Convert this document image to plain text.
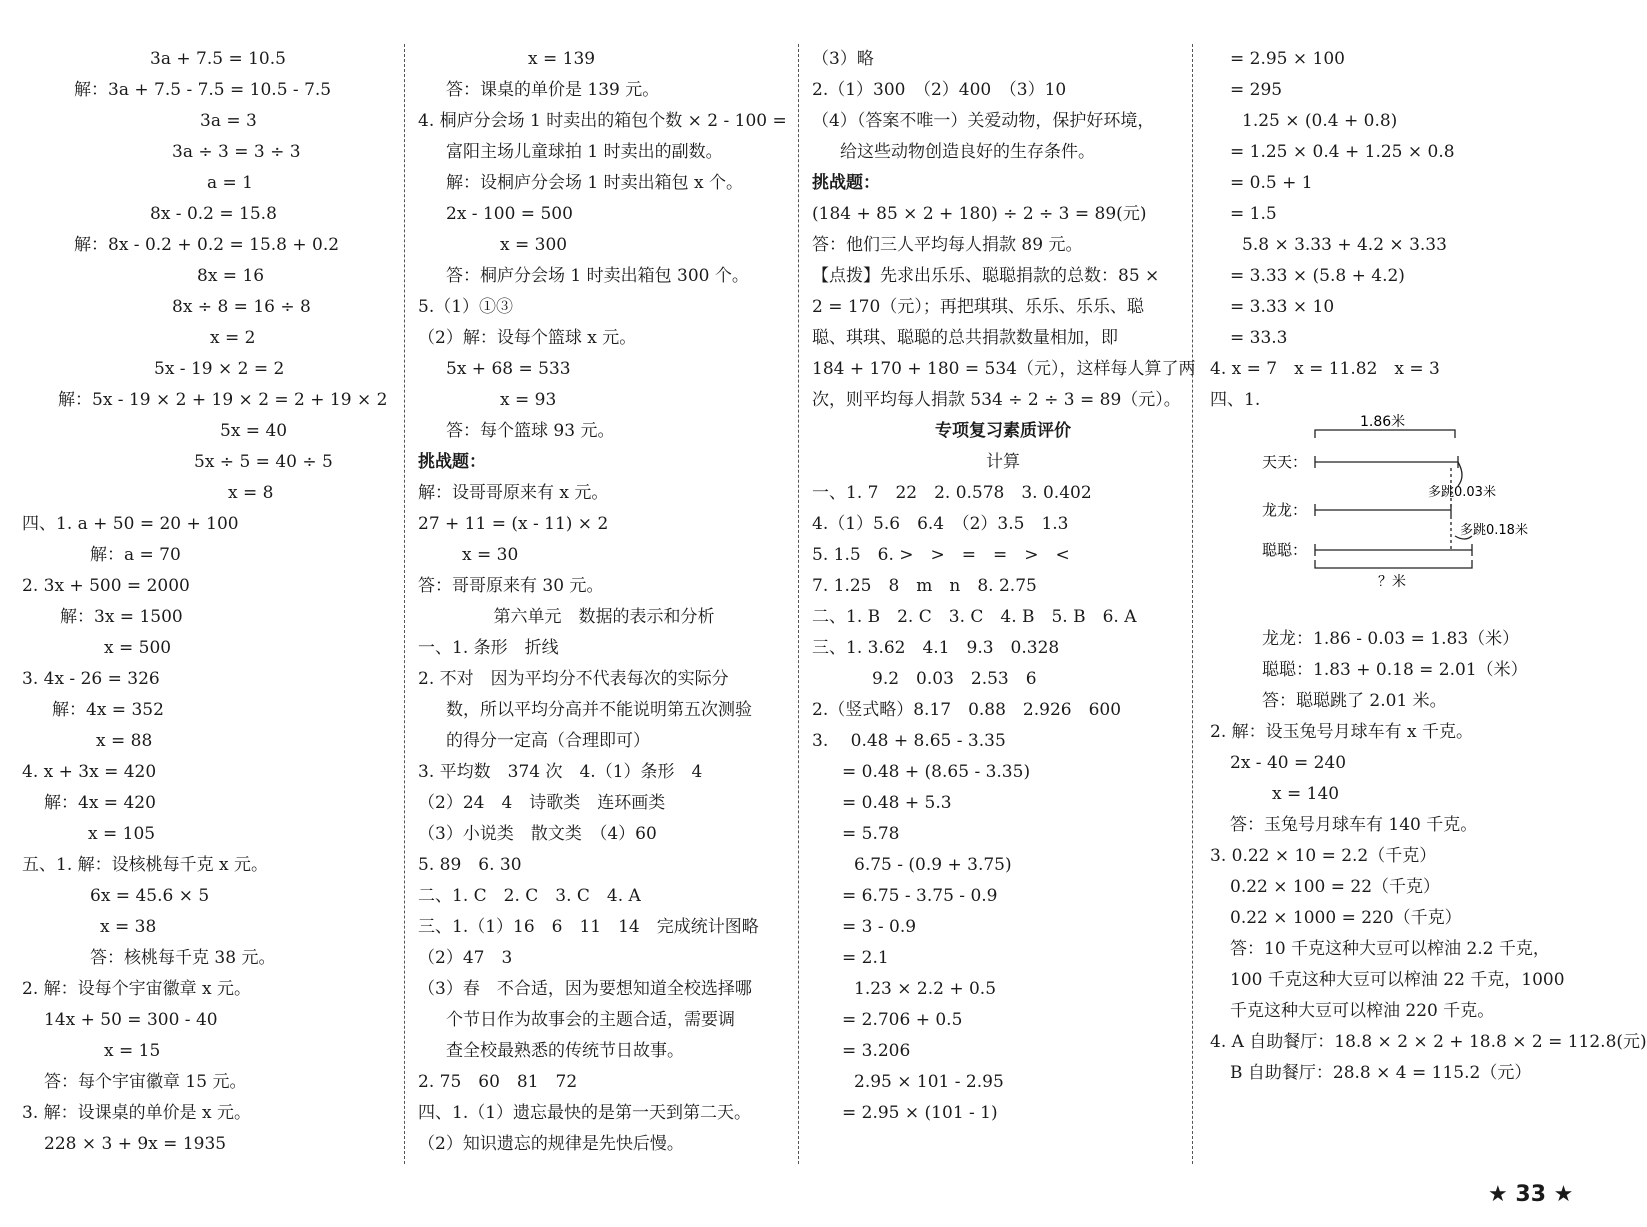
3a + 7.5 = 10.5
解：3a + 7.5 - 7.5 = 10.5 - 7.5
3a = 3
3a ÷ 3 = 3 ÷ 3
a = 1
8x - 0.2 = 15.8
解：8x - 0.2 + 0.2 = 15.8 + 0.2
8x = 16
8x ÷ 8 = 16 ÷ 8
x = 2
5x - 19 × 2 = 2
解：5x - 19 × 2 + 19 × 2 = 2 + 19 × 2
5x = 40
5x ÷ 5 = 40 ÷ 5
x = 8
四、1. a + 50 = 20 + 100
解：a = 70
2. 3x + 500 = 2000
解：3x = 1500
x = 500
3. 4x - 26 = 326
解：4x = 352
x = 88
4. x + 3x = 420
解：4x = 420
x = 105
五、1. 解：设核桃每千克 x 元。
6x = 45.6 × 5
x = 38
答：核桃每千克 38 元。
2. 解：设每个宇宙徽章 x 元。
14x + 50 = 300 - 40
x = 15
答：每个宇宙徽章 15 元。
3. 解：设课桌的单价是 x 元。
228 × 3 + 9x = 1935
x = 139
答：课桌的单价是 139 元。
4. 桐庐分会场 1 时卖出的箱包个数 × 2 - 100 =
富阳主场儿童球拍 1 时卖出的副数。
解：设桐庐分会场 1 时卖出箱包 x 个。
2x - 100 = 500
x = 300
答：桐庐分会场 1 时卖出箱包 300 个。
5.（1）①③
（2）解：设每个篮球 x 元。
5x + 68 = 533
x = 93
答：每个篮球 93 元。
挑战题：
解：设哥哥原来有 x 元。
27 + 11 = (x - 11) × 2
x = 30
答：哥哥原来有 30 元。
第六单元　数据的表示和分析
一、1. 条形　折线
2. 不对　因为平均分不代表每次的实际分
数，所以平均分高并不能说明第五次测验
的得分一定高（合理即可）
3. 平均数　374 次　4.（1）条形　4
（2）24　4　诗歌类　连环画类
（3）小说类　散文类　（4）60
5. 89　6. 30
二、1. C　2. C　3. C　4. A
三、1.（1）16　6　11　14　完成统计图略
（2）47　3
（3）春　不合适，因为要想知道全校选择哪
个节日作为故事会的主题合适，需要调
查全校最熟悉的传统节日故事。
2. 75　60　81　72
四、1.（1）遗忘最快的是第一天到第二天。
（2）知识遗忘的规律是先快后慢。
（3）略
2.（1）300　（2）400　（3）10
（4）（答案不唯一）关爱动物，保护好环境，
给这些动物创造良好的生存条件。
挑战题：
(184 + 85 × 2 + 180) ÷ 2 ÷ 3 = 89(元)
答：他们三人平均每人捐款 89 元。
【点拨】先求出乐乐、聪聪捐款的总数：85 ×
2 = 170（元）；再把琪琪、乐乐、乐乐、聪
聪、琪琪、聪聪的总共捐款数量相加，即
184 + 170 + 180 = 534（元），这样每人算了两
次，则平均每人捐款 534 ÷ 2 ÷ 3 = 89（元）。
专项复习素质评价
计算
一、1. 7　22　2. 0.578　3. 0.402
4.（1）5.6　6.4　（2）3.5　1.3
5. 1.5　6. >　>　=　=　>　<
7. 1.25　8　m　n　8. 2.75
二、1. B　2. C　3. C　4. B　5. B　6. A
三、1. 3.62　4.1　9.3　0.328
9.2　0.03　2.53　6
2.（竖式略）8.17　0.88　2.926　600
3.　 0.48 + 8.65 - 3.35
= 0.48 + (8.65 - 3.35)
= 0.48 + 5.3
= 5.78
6.75 - (0.9 + 3.75)
= 6.75 - 3.75 - 0.9
= 3 - 0.9
= 2.1
1.23 × 2.2 + 0.5
= 2.706 + 0.5
= 3.206
2.95 × 101 - 2.95
= 2.95 × (101 - 1)
= 2.95 × 100
= 295
1.25 × (0.4 + 0.8)
= 1.25 × 0.4 + 1.25 × 0.8
= 0.5 + 1
= 1.5
5.8 × 3.33 + 4.2 × 3.33
= 3.33 × (5.8 + 4.2)
= 3.33 × 10
= 33.3
4. x = 7　x = 11.82　x = 3
四、1.
1.86米
天天：
龙龙：
聪聪：
多跳0.03米
多跳0.18米
？米
龙龙：1.86 - 0.03 = 1.83（米）
聪聪：1.83 + 0.18 = 2.01（米）
答：聪聪跳了 2.01 米。
2. 解：设玉兔号月球车有 x 千克。
2x - 40 = 240
x = 140
答：玉兔号月球车有 140 千克。
3. 0.22 × 10 = 2.2（千克）
0.22 × 100 = 22（千克）
0.22 × 1000 = 220（千克）
答：10 千克这种大豆可以榨油 2.2 千克，
100 千克这种大豆可以榨油 22 千克，1000
千克这种大豆可以榨油 220 千克。
4. A 自助餐厅：18.8 × 2 × 2 + 18.8 × 2 = 112.8(元)
B 自助餐厅：28.8 × 4 = 115.2（元）
★ 33 ★
